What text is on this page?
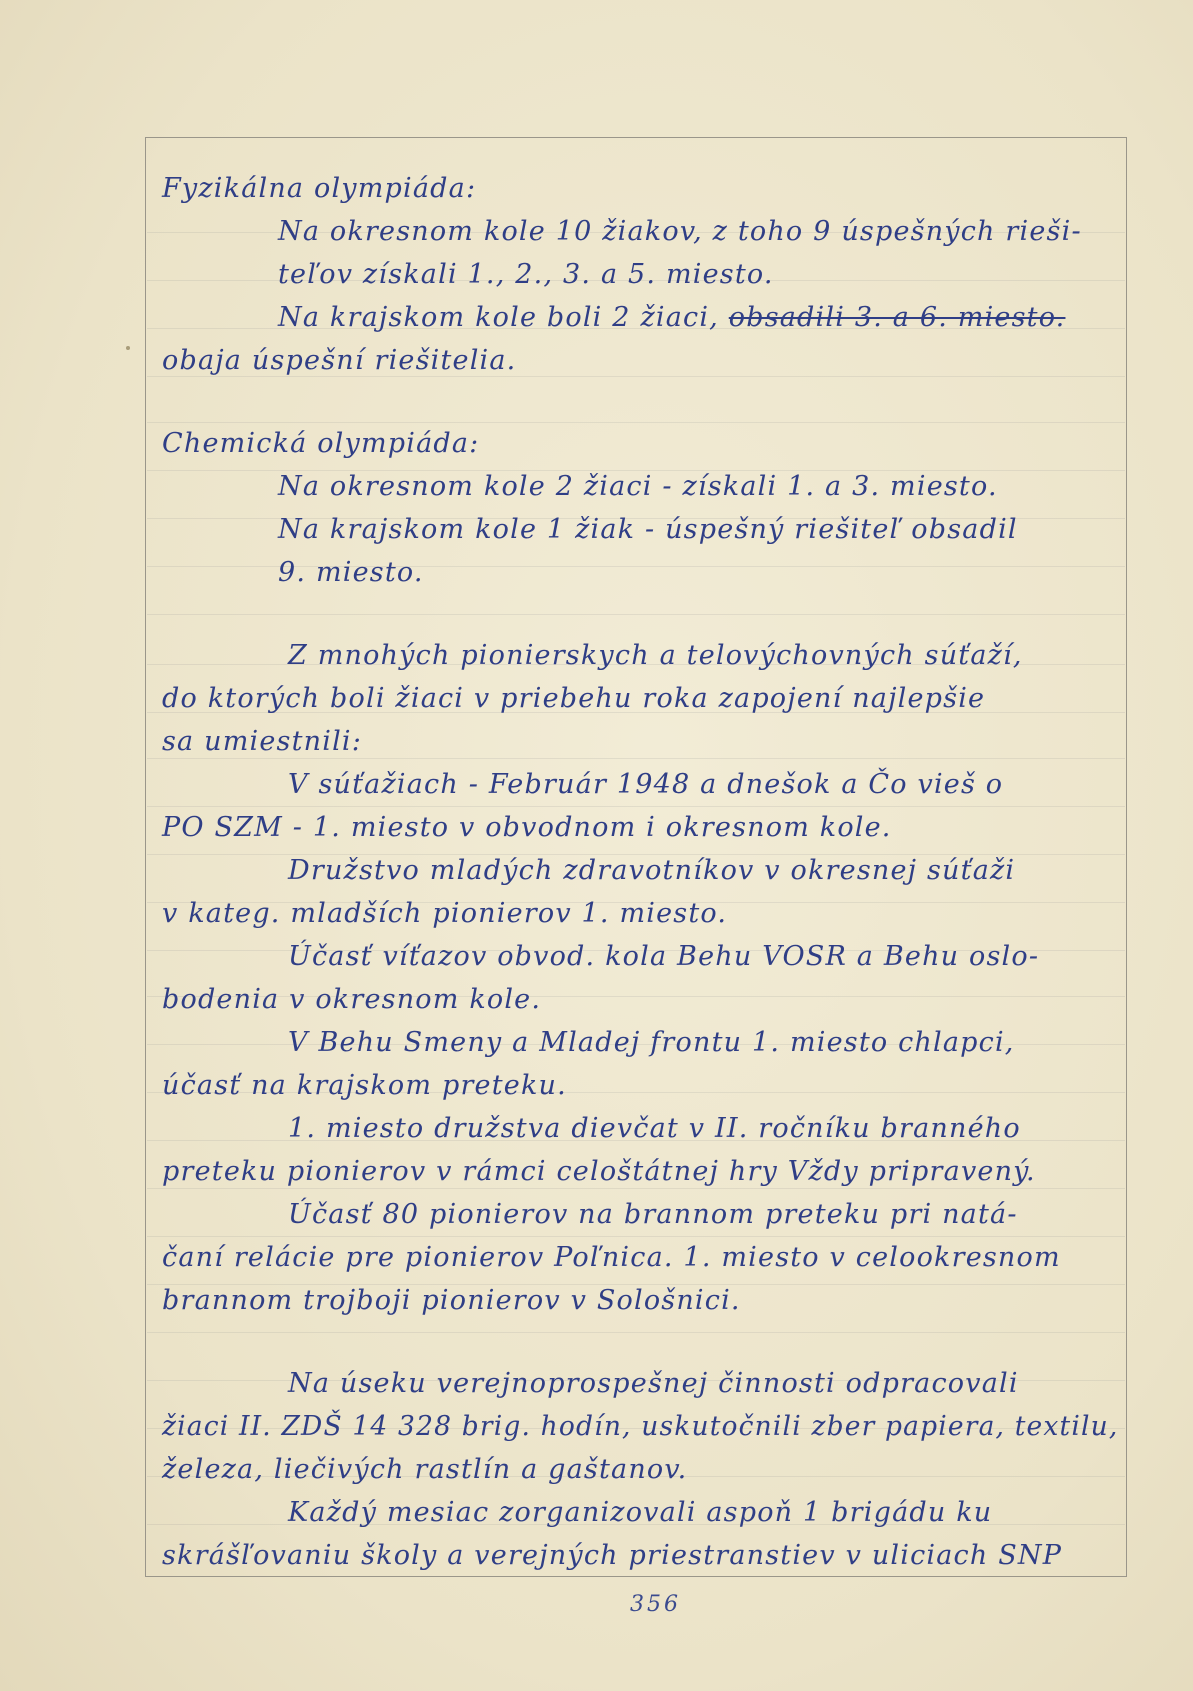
Fyzikálna olympiáda:

Na okresnom kole 10 žiakov, z toho 9 úspešných rieši-

teľov získali 1., 2., 3. a 5. miesto.

Na krajskom kole boli 2 žiaci, obsadili 3. a 6. miesto.

obaja úspešní riešitelia.

Chemická olympiáda:

Na okresnom kole 2 žiaci - získali 1. a 3. miesto.

Na krajskom kole 1 žiak - úspešný riešiteľ obsadil

9. miesto.

Z mnohých pionierskych a telovýchovných súťaží,

do ktorých boli žiaci v priebehu roka zapojení najlepšie

sa umiestnili:

V súťažiach - Február 1948 a dnešok a Čo vieš o

PO SZM - 1. miesto v obvodnom i okresnom kole.

Družstvo mladých zdravotníkov v okresnej súťaži

v kateg. mladších pionierov 1. miesto.

Účasť víťazov obvod. kola Behu VOSR a Behu oslo-

bodenia v okresnom kole.

V Behu Smeny a Mladej frontu 1. miesto chlapci,

účasť na krajskom preteku.

1. miesto družstva dievčat v II. ročníku branného

preteku pionierov v rámci celoštátnej hry Vždy pripravený.

Účasť 80 pionierov na brannom preteku pri natá-

čaní relácie pre pionierov Poľnica. 1. miesto v celookresnom

brannom trojboji pionierov v Sološnici.

Na úseku verejnoprospešnej činnosti odpracovali

žiaci II. ZDŠ 14 328 brig. hodín, uskutočnili zber papiera, textilu,

železa, liečivých rastlín a gaštanov.

Každý mesiac zorganizovali aspoň 1 brigádu ku

skrášľovaniu školy a verejných priestranstiev v uliciach SNP

356
